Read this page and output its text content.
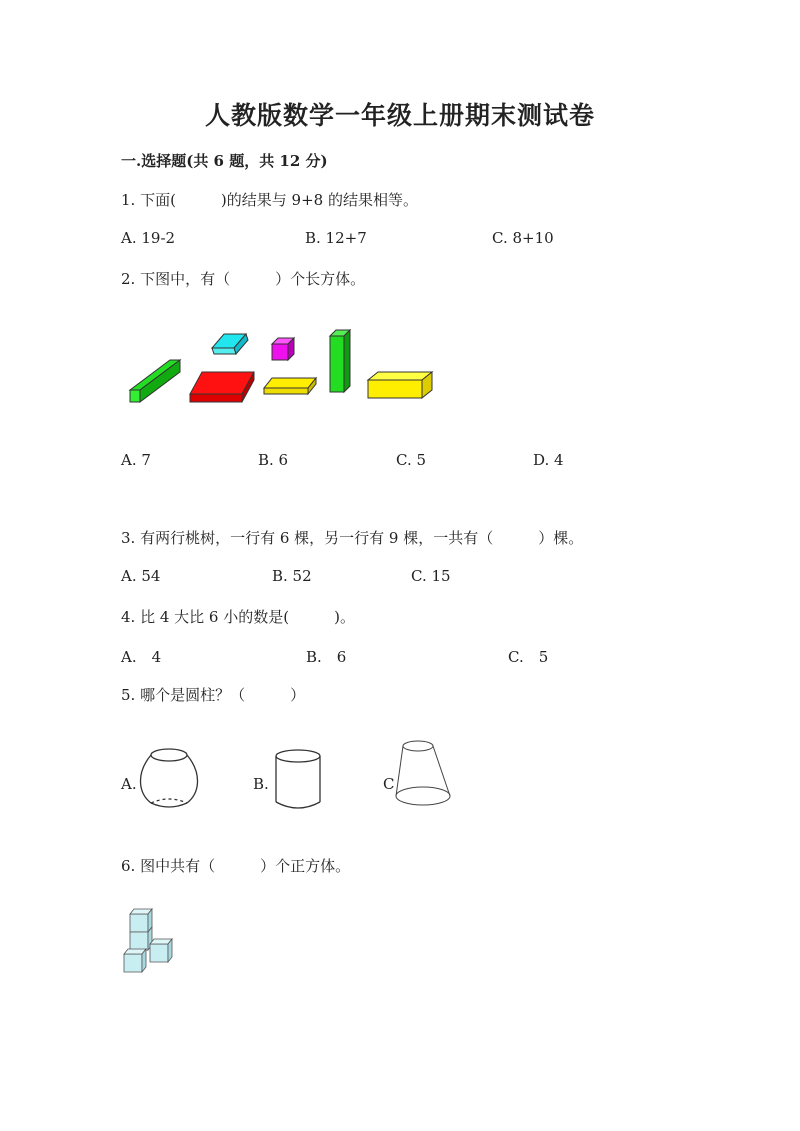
人教版数学一年级上册期末测试卷
一.选择题(共 6 题，共 12 分)
1. 下面(　　　)的结果与 9+8 的结果相等。
A. 19-2	B. 12+7	C. 8+10
2. 下图中，有（　　　）个长方体。
A. 7	B. 6	C. 5	D. 4
3. 有两行桃树，一行有 6 棵，另一行有 9 棵，一共有（　　　）棵。
A. 54	B. 52	C. 15
4. 比 4 大比 6 小的数是(　　　)。
A.　4	B.　6	C.　5
5. 哪个是圆柱？（　　　）
A.	B.	C
6. 图中共有（　　　）个正方体。
